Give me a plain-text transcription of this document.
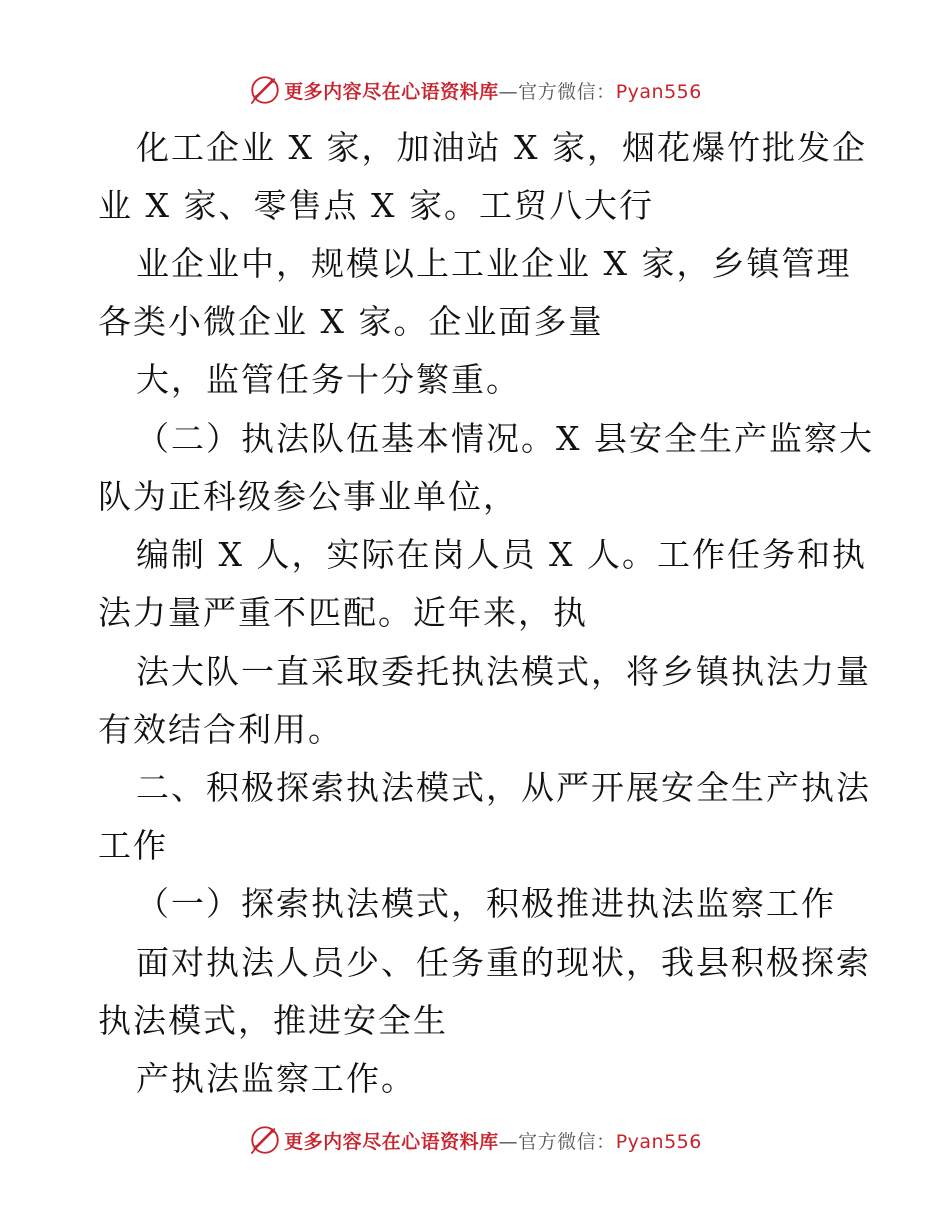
更多内容尽在心语资料库—官方微信：Pyan556
化工企业 X 家，加油站 X 家，烟花爆竹批发企
业 X 家、零售点 X 家。工贸八大行
业企业中，规模以上工业企业 X 家，乡镇管理
各类小微企业 X 家。企业面多量
大，监管任务十分繁重。
（二）执法队伍基本情况。X 县安全生产监察大
队为正科级参公事业单位，
编制 X 人，实际在岗人员 X 人。工作任务和执
法力量严重不匹配。近年来，执
法大队一直采取委托执法模式，将乡镇执法力量
有效结合利用。
二、积极探索执法模式，从严开展安全生产执法
工作
（一）探索执法模式，积极推进执法监察工作
面对执法人员少、任务重的现状，我县积极探索
执法模式，推进安全生
产执法监察工作。
更多内容尽在心语资料库—官方微信：Pyan556
